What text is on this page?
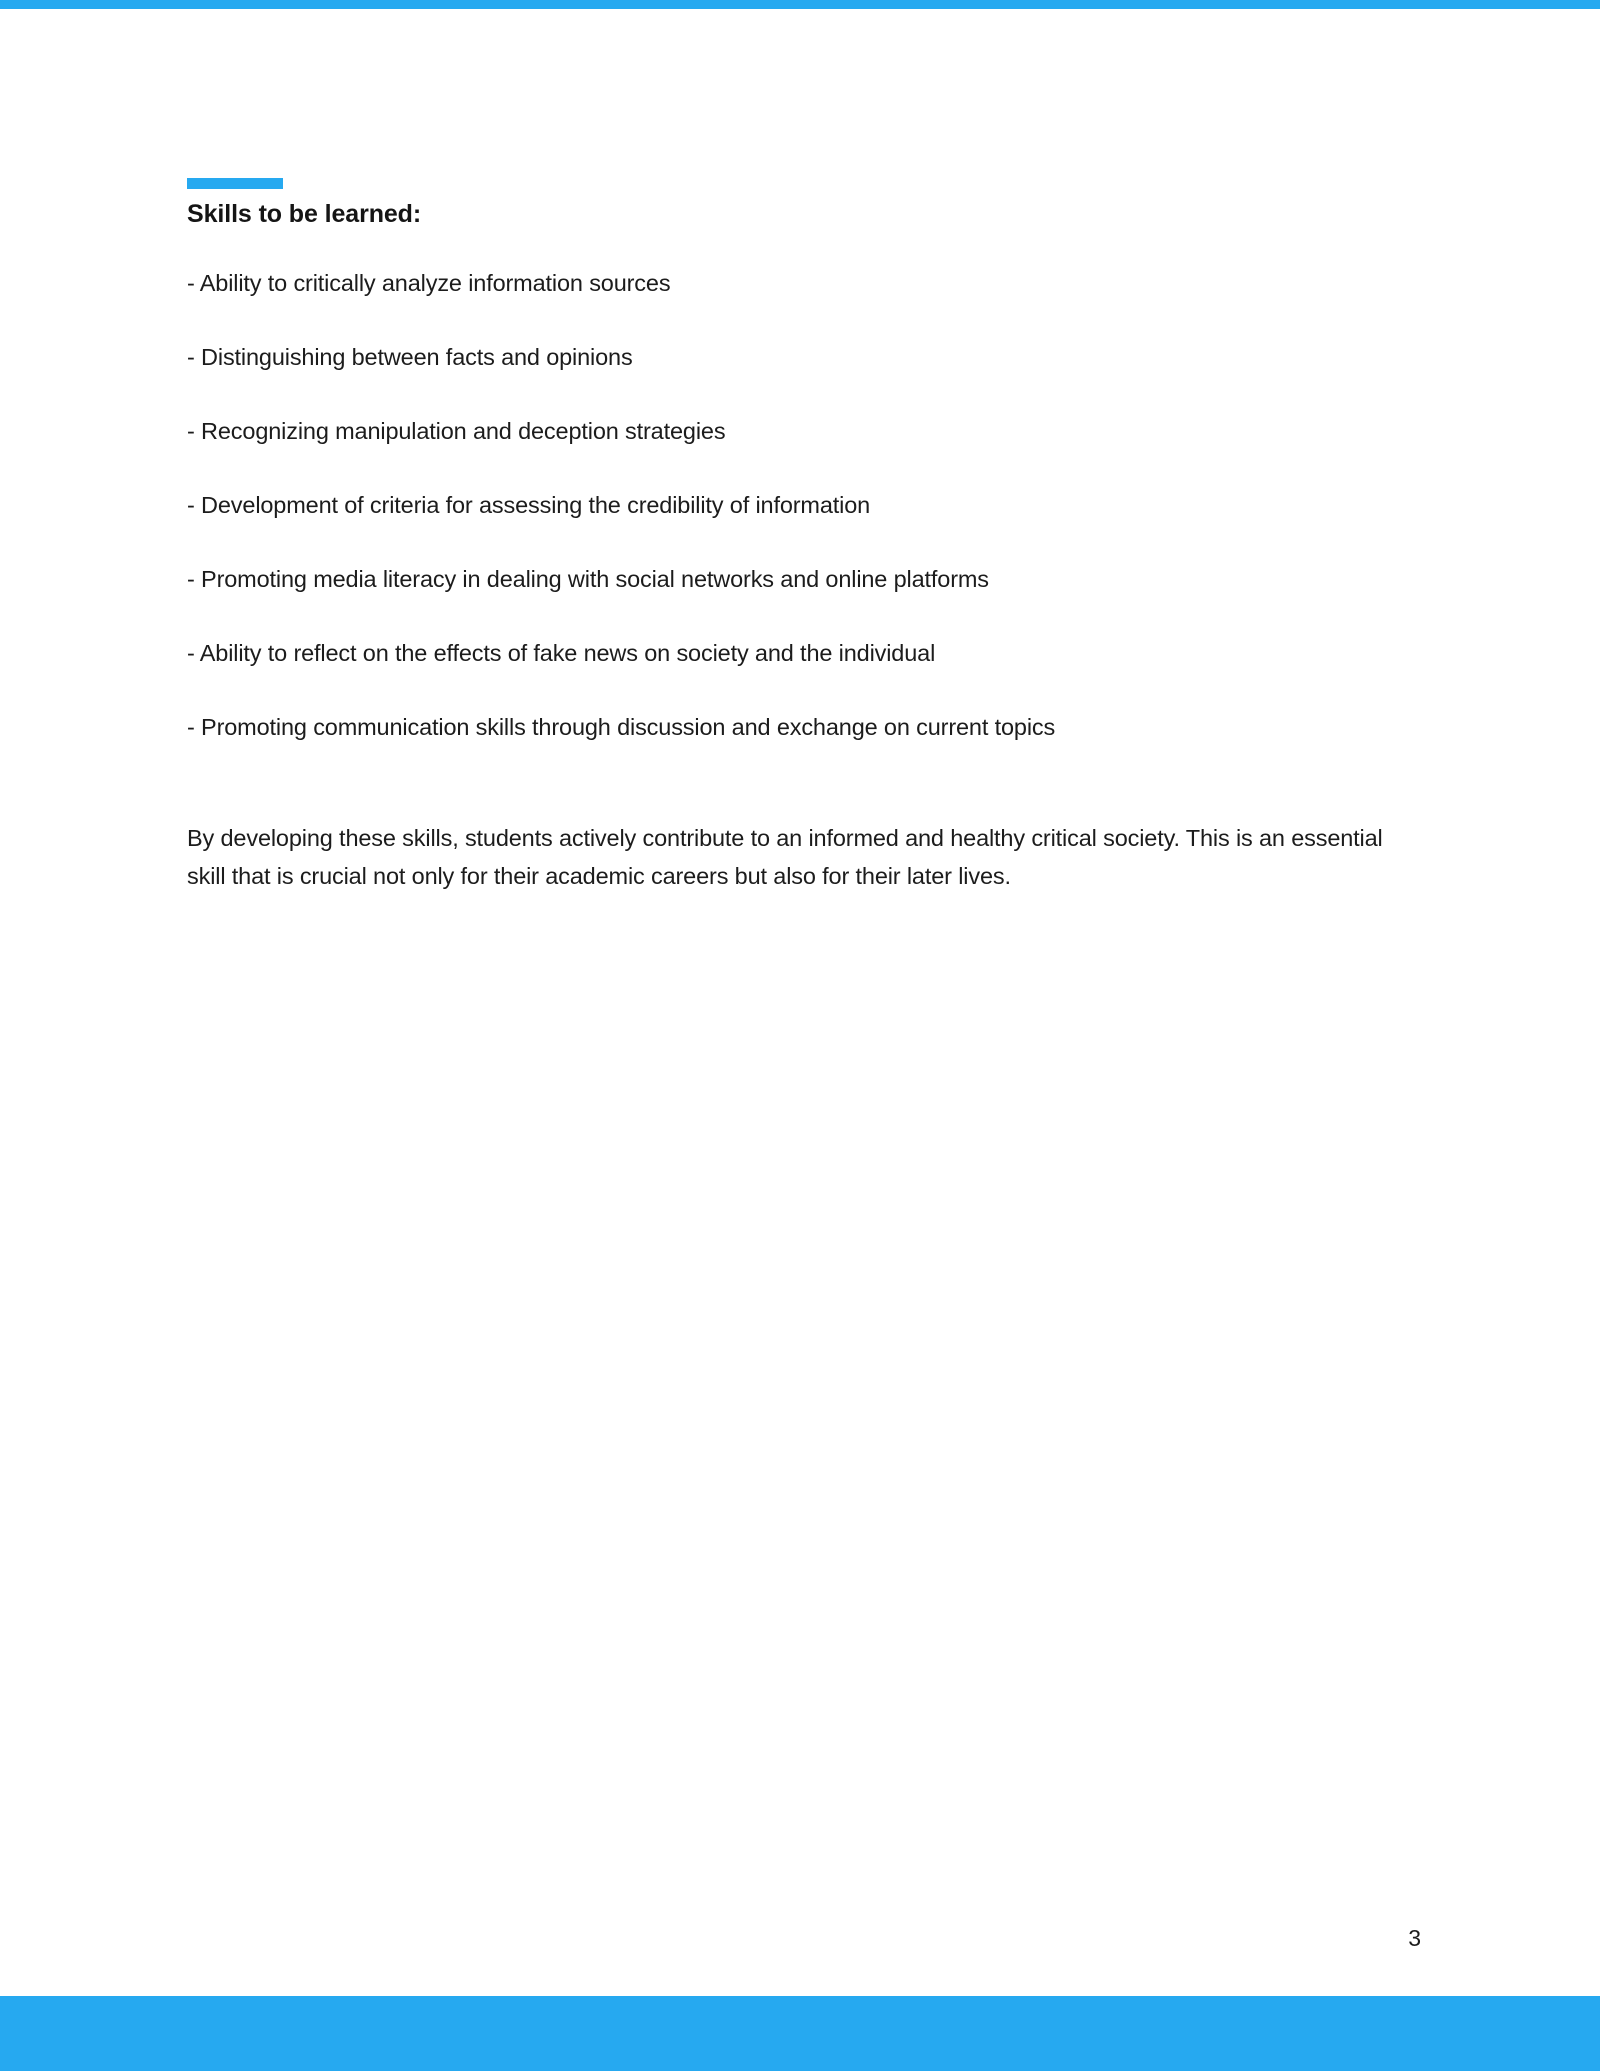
Skills to be learned:
- Ability to critically analyze information sources
- Distinguishing between facts and opinions
- Recognizing manipulation and deception strategies
- Development of criteria for assessing the credibility of information
- Promoting media literacy in dealing with social networks and online platforms
- Ability to reflect on the effects of fake news on society and the individual
- Promoting communication skills through discussion and exchange on current topics

By developing these skills, students actively contribute to an informed and healthy critical society. This is an essential skill that is crucial not only for their academic careers but also for their later lives.

3
